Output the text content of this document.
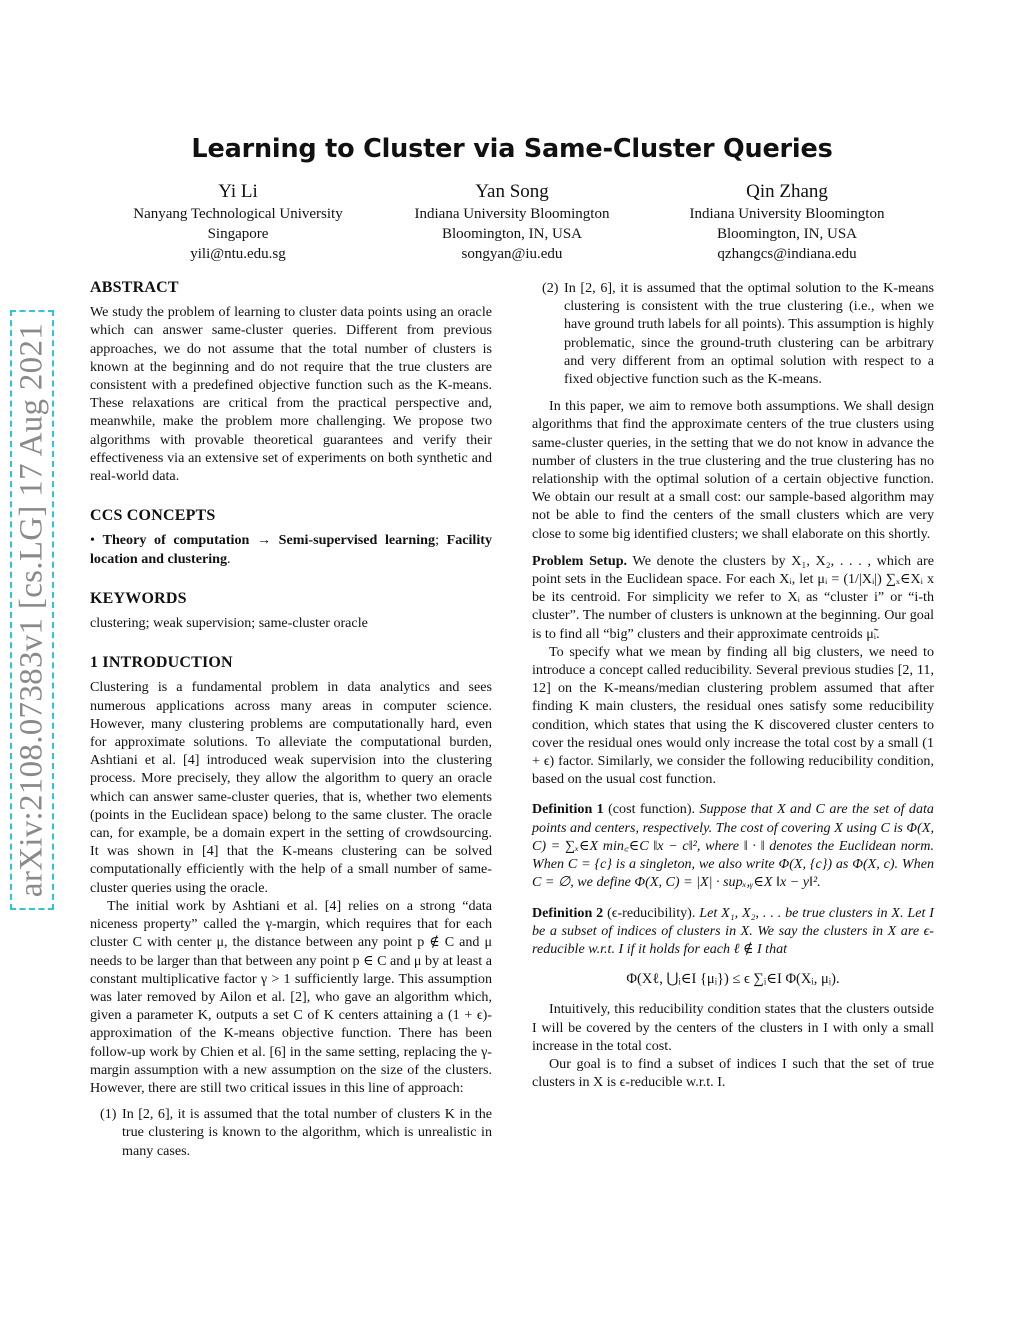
arXiv:2108.07383v1 [cs.LG] 17 Aug 2021
Learning to Cluster via Same-Cluster Queries
Yi Li
Nanyang Technological University
Singapore
yili@ntu.edu.sg
Yan Song
Indiana University Bloomington
Bloomington, IN, USA
songyan@iu.edu
Qin Zhang
Indiana University Bloomington
Bloomington, IN, USA
qzhangcs@indiana.edu
ABSTRACT

We study the problem of learning to cluster data points using an oracle which can answer same-cluster queries. Different from previous approaches, we do not assume that the total number of clusters is known at the beginning and do not require that the true clusters are consistent with a predefined objective function such as the K-means. These relaxations are critical from the practical perspective and, meanwhile, make the problem more challenging. We propose two algorithms with provable theoretical guarantees and verify their effectiveness via an extensive set of experiments on both synthetic and real-world data.

CCS CONCEPTS

• Theory of computation → Semi-supervised learning; Facility location and clustering.

KEYWORDS

clustering; weak supervision; same-cluster oracle

1 INTRODUCTION

Clustering is a fundamental problem in data analytics and sees numerous applications across many areas in computer science. However, many clustering problems are computationally hard, even for approximate solutions. To alleviate the computational burden, Ashtiani et al. [4] introduced weak supervision into the clustering process. More precisely, they allow the algorithm to query an oracle which can answer same-cluster queries, that is, whether two elements (points in the Euclidean space) belong to the same cluster. The oracle can, for example, be a domain expert in the setting of crowdsourcing. It was shown in [4] that the K-means clustering can be solved computationally efficiently with the help of a small number of same-cluster queries using the oracle.

The initial work by Ashtiani et al. [4] relies on a strong “data niceness property” called the γ-margin, which requires that for each cluster C with center μ, the distance between any point p ∉ C and μ needs to be larger than that between any point p ∈ C and μ by at least a constant multiplicative factor γ > 1 sufficiently large. This assumption was later removed by Ailon et al. [2], who gave an algorithm which, given a parameter K, outputs a set C of K centers attaining a (1 + ϵ)-approximation of the K-means objective function. There has been follow-up work by Chien et al. [6] in the same setting, replacing the γ-margin assumption with a new assumption on the size of the clusters. However, there are still two critical issues in this line of approach:

(1) In [2, 6], it is assumed that the total number of clusters K in the true clustering is known to the algorithm, which is unrealistic in many cases.

(2) In [2, 6], it is assumed that the optimal solution to the K-means clustering is consistent with the true clustering (i.e., when we have ground truth labels for all points). This assumption is highly problematic, since the ground-truth clustering can be arbitrary and very different from an optimal solution with respect to a fixed objective function such as the K-means.

In this paper, we aim to remove both assumptions. We shall design algorithms that find the approximate centers of the true clusters using same-cluster queries, in the setting that we do not know in advance the number of clusters in the true clustering and the true clustering has no relationship with the optimal solution of a certain objective function. We obtain our result at a small cost: our sample-based algorithm may not be able to find the centers of the small clusters which are very close to some big identified clusters; we shall elaborate on this shortly.

Problem Setup. We denote the clusters by X₁, X₂, . . . , which are point sets in the Euclidean space. For each Xᵢ, let μᵢ = (1/|Xᵢ|) ∑ₓ∈Xᵢ x be its centroid. For simplicity we refer to Xᵢ as “cluster i” or “i-th cluster”. The number of clusters is unknown at the beginning. Our goal is to find all “big” clusters and their approximate centroids μ̃ᵢ.

To specify what we mean by finding all big clusters, we need to introduce a concept called reducibility. Several previous studies [2, 11, 12] on the K-means/median clustering problem assumed that after finding K main clusters, the residual ones satisfy some reducibility condition, which states that using the K discovered cluster centers to cover the residual ones would only increase the total cost by a small (1 + ϵ) factor. Similarly, we consider the following reducibility condition, based on the usual cost function.

Definition 1 (cost function). Suppose that X and C are the set of data points and centers, respectively. The cost of covering X using C is Φ(X, C) = ∑ₓ∈X min꜀∈C ‖x − c‖², where ‖ · ‖ denotes the Euclidean norm. When C = {c} is a singleton, we also write Φ(X, {c}) as Φ(X, c). When C = ∅, we define Φ(X, C) = |X| · supₓ,ᵧ∈X ‖x − y‖².

Definition 2 (ϵ-reducibility). Let X₁, X₂, . . . be true clusters in X. Let I be a subset of indices of clusters in X. We say the clusters in X are ϵ-reducible w.r.t. I if it holds for each ℓ ∉ I that

Φ(Xℓ, ⋃ᵢ∈I {μᵢ}) ≤ ϵ ∑ᵢ∈I Φ(Xᵢ, μᵢ).

Intuitively, this reducibility condition states that the clusters outside I will be covered by the centers of the clusters in I with only a small increase in the total cost.

Our goal is to find a subset of indices I such that the set of true clusters in X is ϵ-reducible w.r.t. I.
